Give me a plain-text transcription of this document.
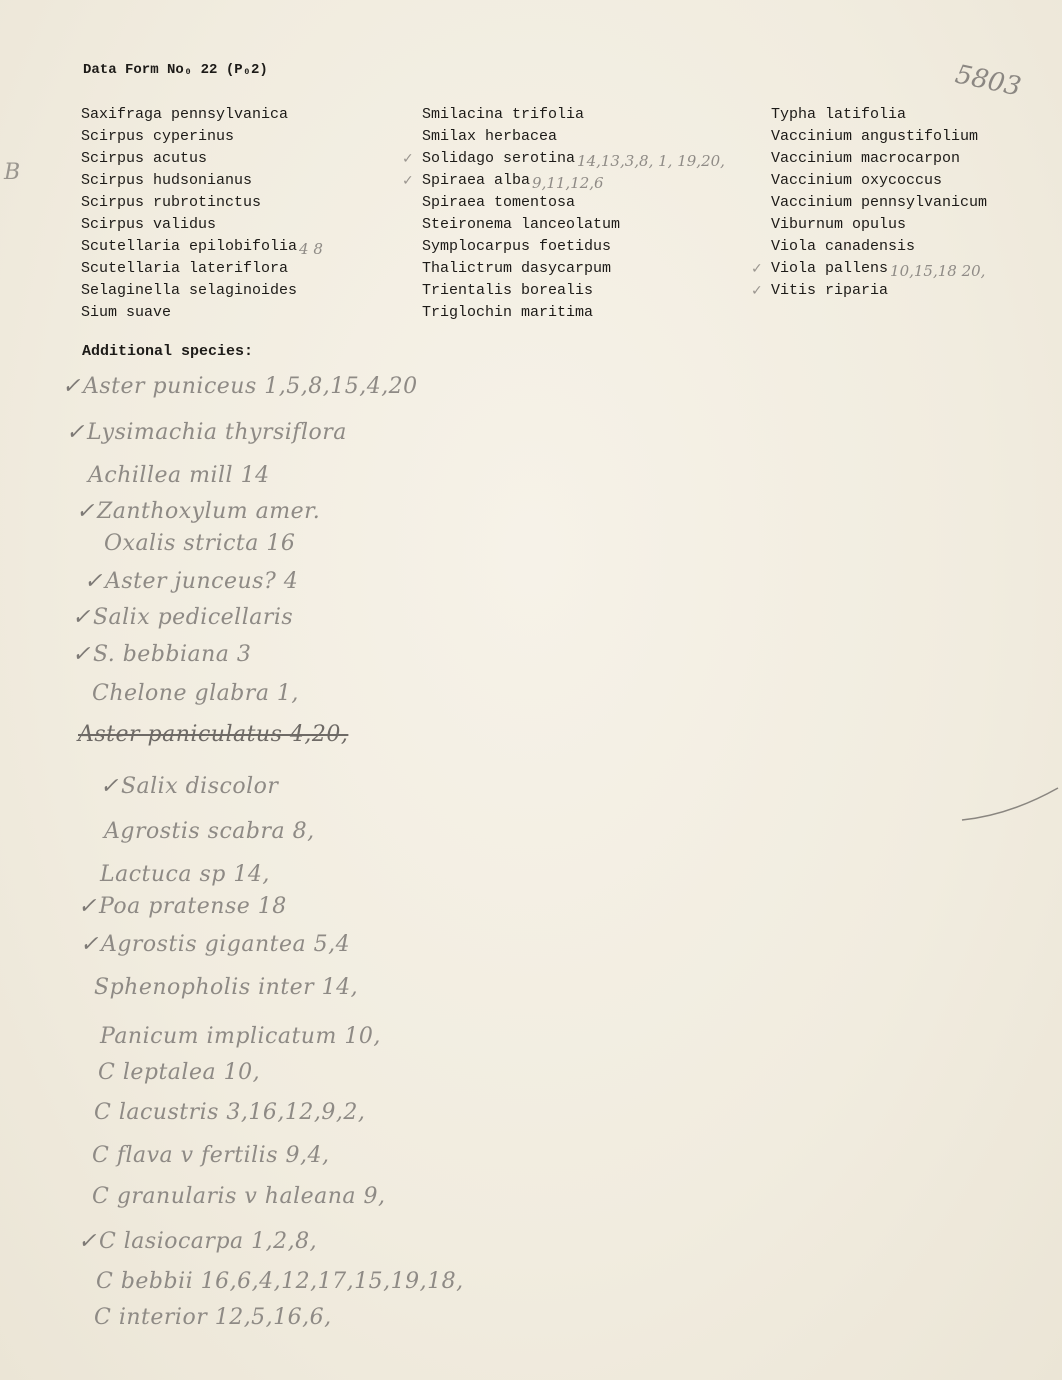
Data Form No₀ 22 (P₀2)	5803
B
Saxifraga pennsylvanica
Scirpus cyperinus
Scirpus acutus
Scirpus hudsonianus
Scirpus rubrotinctus
Scirpus validus
Scutellaria epilobifolia 4 8
Scutellaria lateriflora
Selaginella selaginoides
Sium suave
Smilacina trifolia
Smilax herbacea
✓ Solidago serotina 14,13,3,8, 1, 19,20,
✓ Spiraea alba 9,11,12,6
Spiraea tomentosa
Steironema lanceolatum
Symplocarpus foetidus
Thalictrum dasycarpum
Trientalis borealis
Triglochin maritima
Typha latifolia
Vaccinium angustifolium
Vaccinium macrocarpon
Vaccinium oxycoccus
Vaccinium pennsylvanicum
Viburnum opulus
Viola canadensis
✓ Viola pallens 10,15,18 20,
✓ Vitis riparia
Additional species:
✓Aster puniceus 1,5,8,15,4,20
✓Lysimachia thyrsiflora
Achillea mill 14
✓Zanthoxylum amer.
Oxalis stricta 16
✓Aster junceus? 4
✓Salix pedicellaris
✓S. bebbiana 3
Chelone glabra 1,
Aster paniculatus 4,20,
✓Salix discolor
Agrostis scabra 8,
Lactuca sp 14,
✓Poa pratense 18
✓Agrostis gigantea 5,4
Sphenopholis inter 14,
Panicum implicatum 10,
C leptalea 10,
C lacustris 3,16,12,9,2,
C flava v fertilis 9,4,
C granularis v haleana 9,
✓C lasiocarpa 1,2,8,
C bebbii 16,6,4,12,17,15,19,18,
C interior 12,5,16,6,
